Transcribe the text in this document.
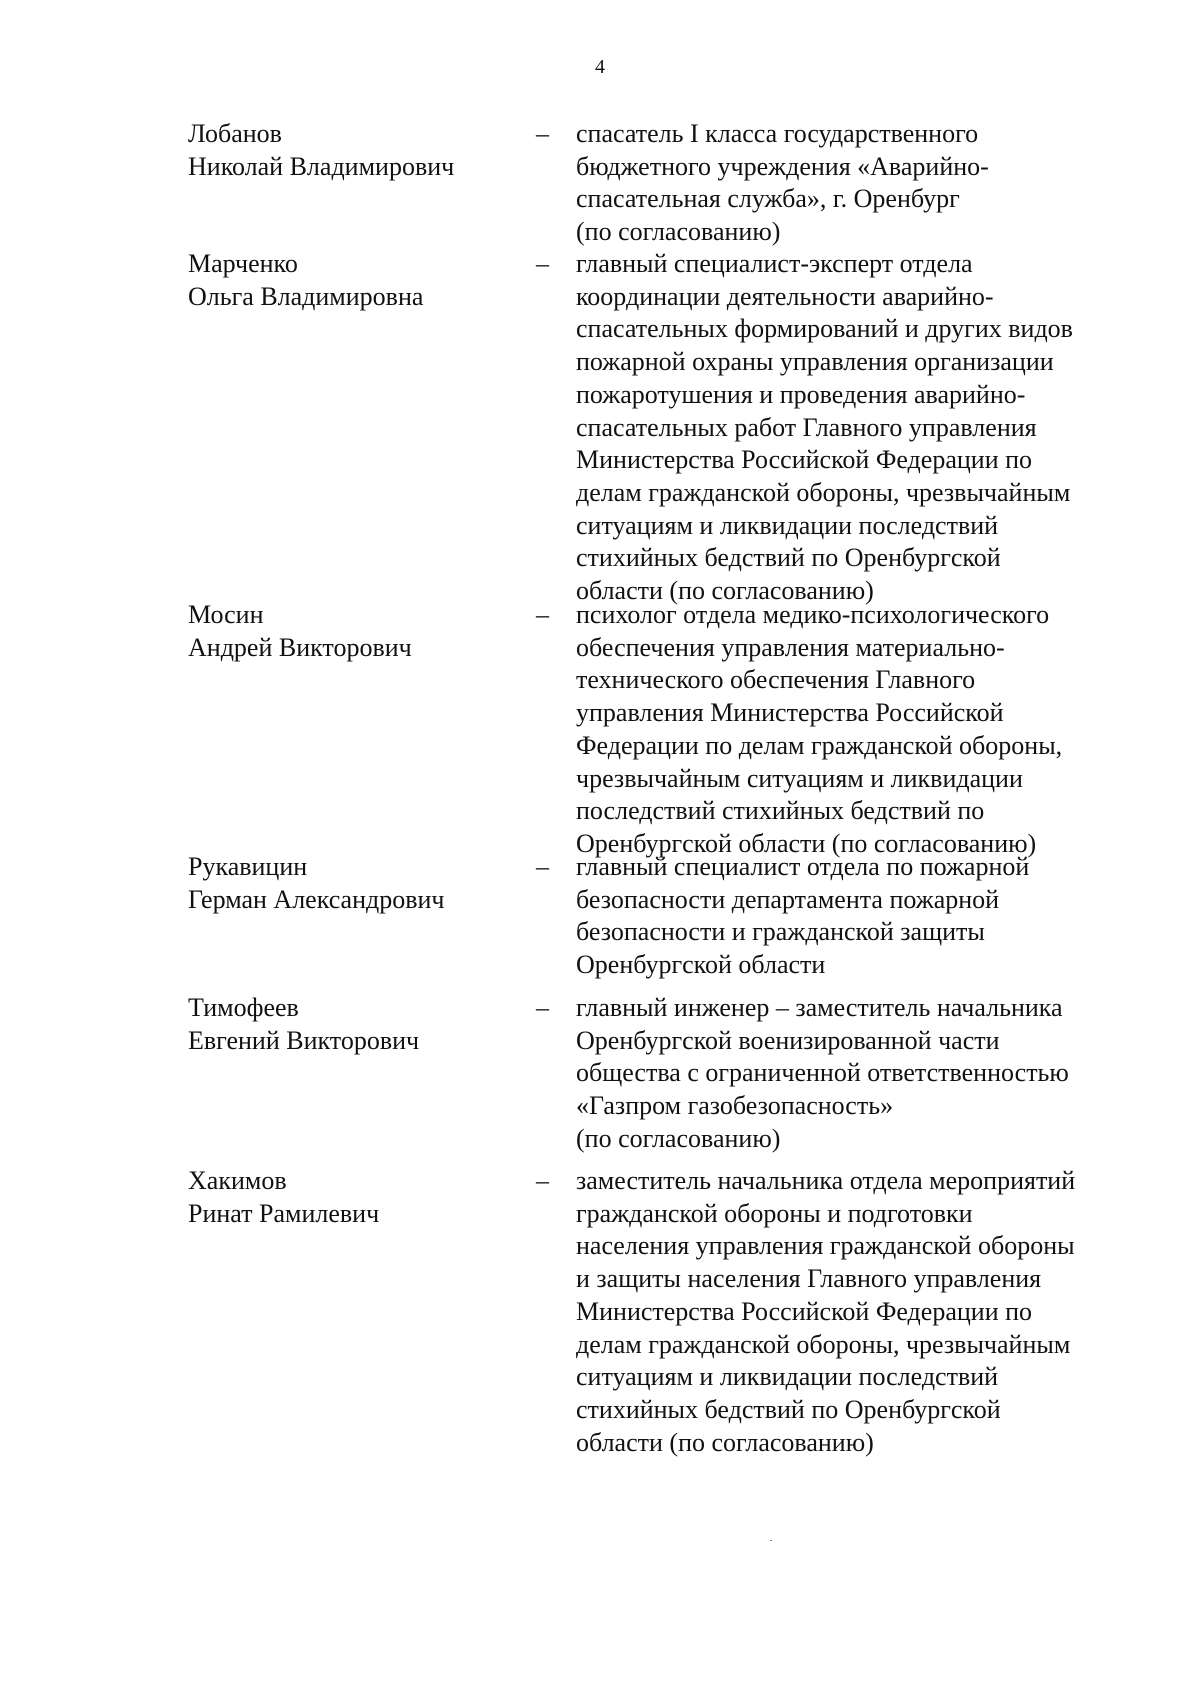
4
Лобанов
Николай Владимирович
–	спасатель I класса государственного
бюджетного учреждения «Аварийно-
спасательная служба», г. Оренбург
(по согласованию)
Марченко
Ольга Владимировна
–	главный специалист-эксперт отдела
координации деятельности аварийно-
спасательных формирований и других видов
пожарной охраны управления организации
пожаротушения и проведения аварийно-
спасательных работ Главного управления
Министерства Российской Федерации по
делам гражданской обороны, чрезвычайным
ситуациям и ликвидации последствий
стихийных бедствий по Оренбургской
области (по согласованию)
Мосин
Андрей Викторович
–	психолог отдела медико-психологического
обеспечения управления материально-
технического обеспечения Главного
управления Министерства Российской
Федерации по делам гражданской обороны,
чрезвычайным ситуациям и ликвидации
последствий стихийных бедствий по
Оренбургской области (по согласованию)
Рукавицин
Герман Александрович
–	главный специалист отдела по пожарной
безопасности департамента пожарной
безопасности и гражданской защиты
Оренбургской области
Тимофеев
Евгений Викторович
–	главный инженер – заместитель начальника
Оренбургской военизированной части
общества с ограниченной ответственностью
«Газпром газобезопасность»
(по согласованию)
Хакимов
Ринат Рамилевич
–	заместитель начальника отдела мероприятий
гражданской обороны и подготовки
населения управления гражданской обороны
и защиты населения Главного управления
Министерства Российской Федерации по
делам гражданской обороны, чрезвычайным
ситуациям и ликвидации последствий
стихийных бедствий по Оренбургской
области (по согласованию)
